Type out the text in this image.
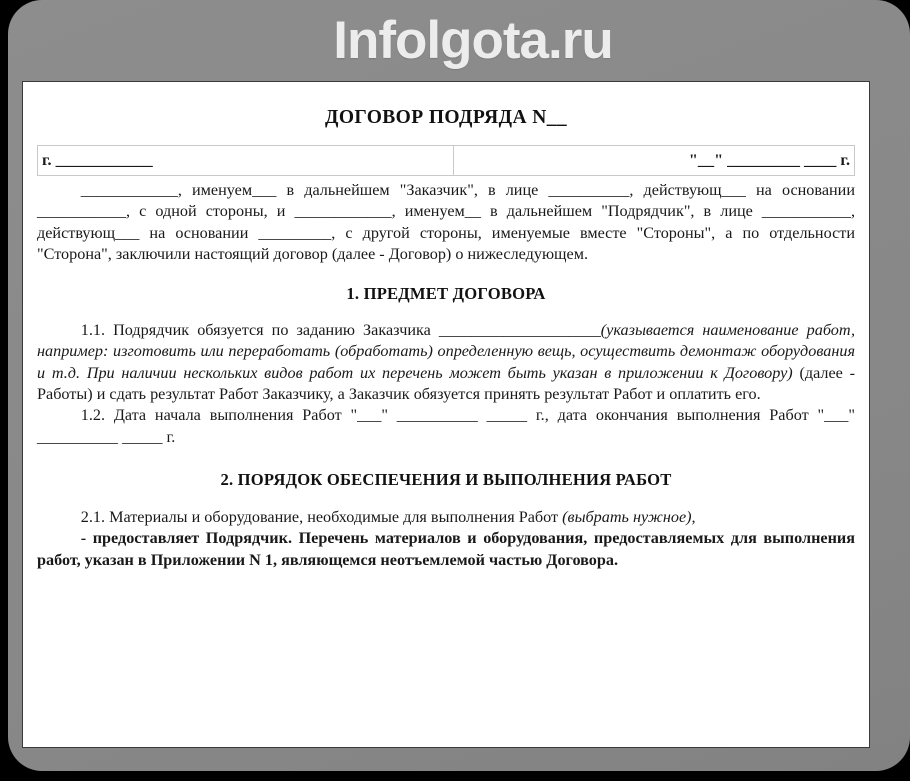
Infolgota.ru
ДОГОВОР ПОДРЯДА N__
г. ____________	"__" _________ ____ г.

____________, именуем___ в дальнейшем "Заказчик", в лице __________, действующ___ на основании ___________, с одной стороны, и ____________, именуем__ в дальнейшем "Подрядчик", в лице ___________, действующ___ на основании _________, с другой стороны, именуемые вместе "Стороны", а по отдельности "Сторона", заключили настоящий договор (далее - Договор) о нижеследующем.

1. ПРЕДМЕТ ДОГОВОРА

1.1. Подрядчик обязуется по заданию Заказчика ____________________(указывается наименование работ, например: изготовить или переработать (обработать) определенную вещь, осуществить демонтаж оборудования и т.д. При наличии нескольких видов работ их перечень может быть указан в приложении к Договору) (далее - Работы) и сдать результат Работ Заказчику, а Заказчик обязуется принять результат Работ и оплатить его.

1.2. Дата начала выполнения Работ "___" __________ _____ г., дата окончания выполнения Работ "___" __________ _____ г.

2. ПОРЯДОК ОБЕСПЕЧЕНИЯ И ВЫПОЛНЕНИЯ РАБОТ

2.1. Материалы и оборудование, необходимые для выполнения Работ (выбрать нужное),

- предоставляет Подрядчик. Перечень материалов и оборудования, предоставляемых для выполнения работ, указан в Приложении N 1, являющемся неотъемлемой частью Договора.
